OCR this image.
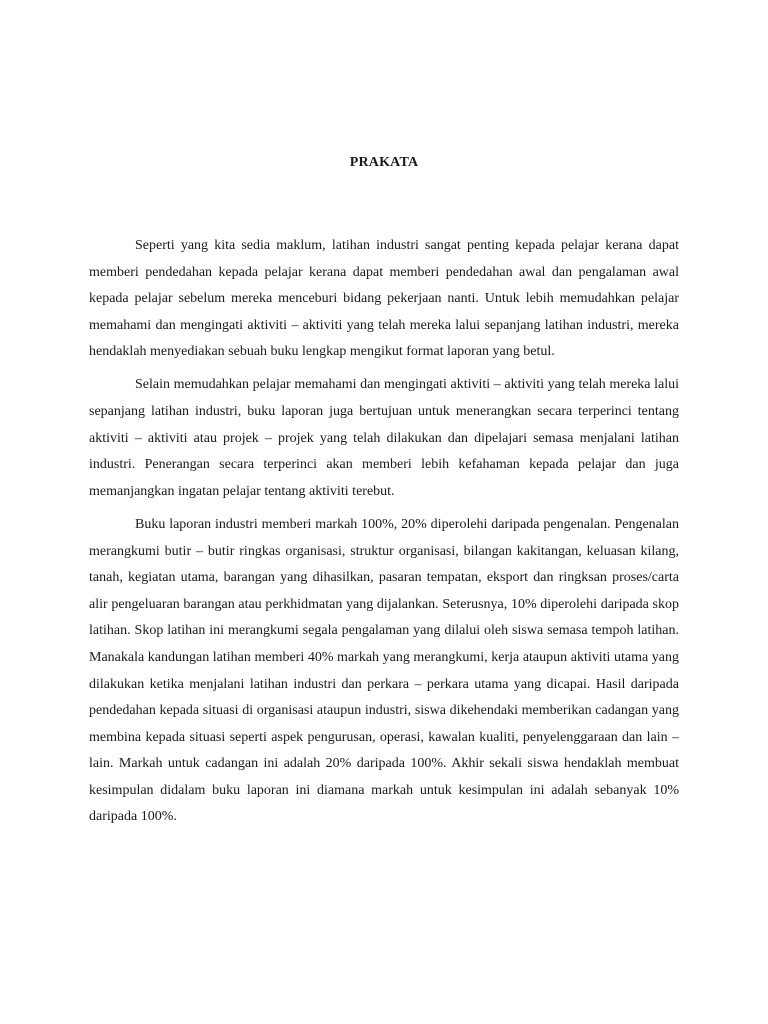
PRAKATA

Seperti yang kita sedia maklum, latihan industri sangat penting kepada pelajar kerana dapat memberi pendedahan kepada pelajar kerana dapat memberi pendedahan awal dan pengalaman awal kepada pelajar sebelum mereka menceburi bidang pekerjaan nanti. Untuk lebih memudahkan pelajar memahami dan mengingati aktiviti – aktiviti yang telah mereka lalui sepanjang latihan industri, mereka hendaklah menyediakan sebuah buku lengkap mengikut format laporan yang betul.

Selain memudahkan pelajar memahami dan mengingati aktiviti – aktiviti yang telah mereka lalui sepanjang latihan industri, buku laporan juga bertujuan untuk menerangkan secara terperinci tentang aktiviti – aktiviti atau projek – projek yang telah dilakukan dan dipelajari semasa menjalani latihan industri. Penerangan secara terperinci akan memberi lebih kefahaman kepada pelajar dan juga memanjangkan ingatan pelajar tentang aktiviti terebut.

Buku laporan industri memberi markah 100%, 20% diperolehi daripada pengenalan. Pengenalan merangkumi butir – butir ringkas organisasi, struktur organisasi, bilangan kakitangan, keluasan kilang, tanah, kegiatan utama, barangan yang dihasilkan, pasaran tempatan, eksport dan ringksan proses/carta alir pengeluaran barangan atau perkhidmatan yang dijalankan. Seterusnya, 10% diperolehi daripada skop latihan. Skop latihan ini merangkumi segala pengalaman yang dilalui oleh siswa semasa tempoh latihan. Manakala kandungan latihan memberi 40% markah yang merangkumi, kerja ataupun aktiviti utama yang dilakukan ketika menjalani latihan industri dan perkara – perkara utama yang dicapai. Hasil daripada pendedahan kepada situasi di organisasi ataupun industri, siswa dikehendaki memberikan cadangan yang membina kepada situasi seperti aspek pengurusan, operasi, kawalan kualiti, penyelenggaraan dan lain – lain. Markah untuk cadangan ini adalah 20% daripada 100%. Akhir sekali siswa hendaklah membuat kesimpulan didalam buku laporan ini diamana markah untuk kesimpulan ini adalah sebanyak 10% daripada 100%.
